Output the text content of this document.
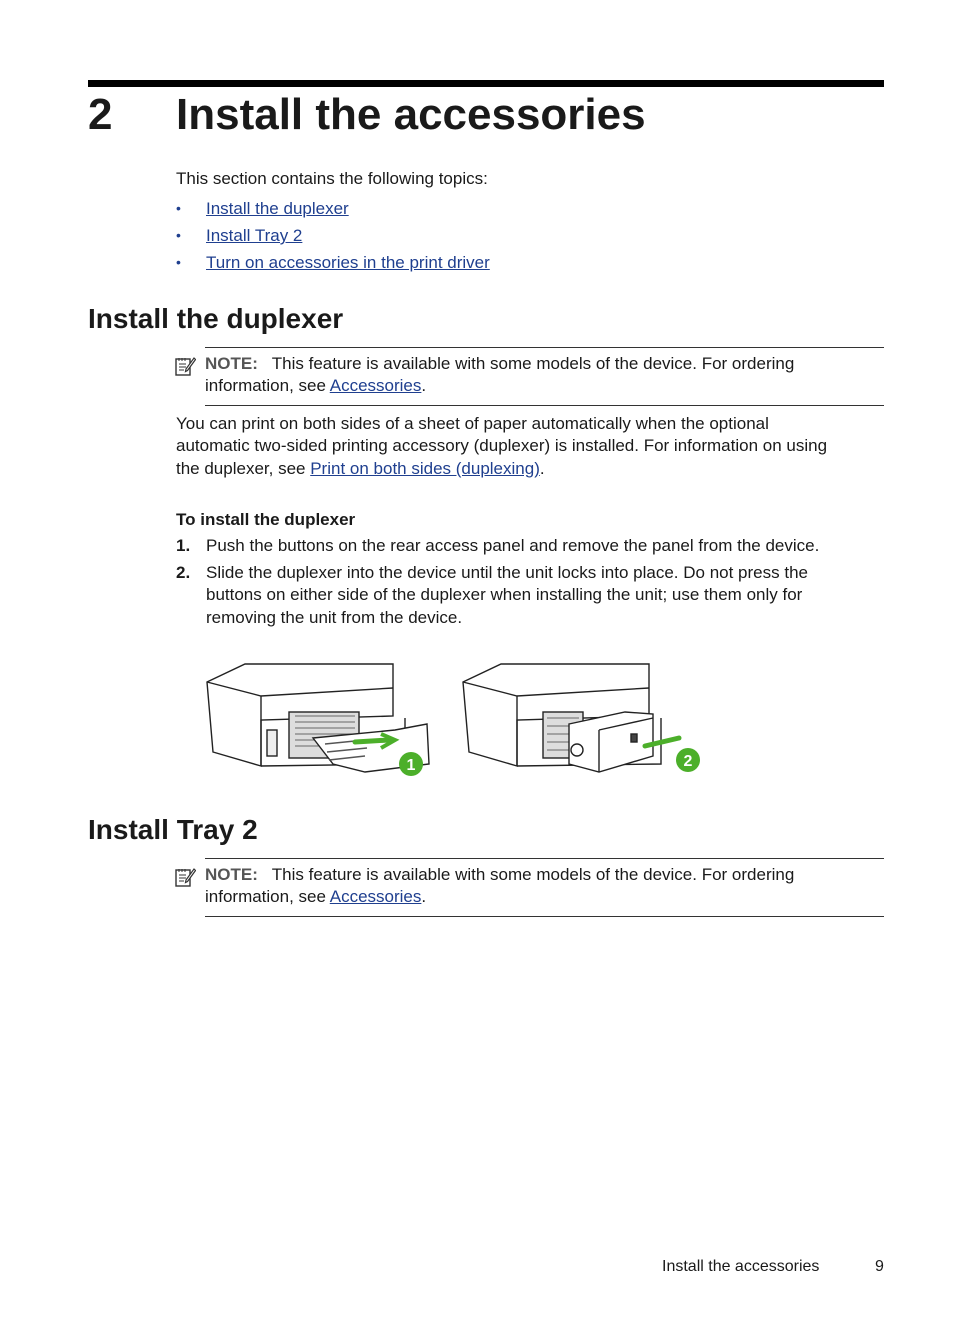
2 Install the accessories
This section contains the following topics:
• Install the duplexer
• Install Tray 2
• Turn on accessories in the print driver
Install the duplexer
NOTE: This feature is available with some models of the device. For ordering
information, see Accessories.
You can print on both sides of a sheet of paper automatically when the optional
automatic two-sided printing accessory (duplexer) is installed. For information on using
the duplexer, see Print on both sides (duplexing).
To install the duplexer
1. Push the buttons on the rear access panel and remove the panel from the device.
2. Slide the duplexer into the device until the unit locks into place. Do not press the
buttons on either side of the duplexer when installing the unit; use them only for
removing the unit from the device.
1	2
Install Tray 2
NOTE: This feature is available with some models of the device. For ordering
information, see Accessories.
Install the accessories	9
